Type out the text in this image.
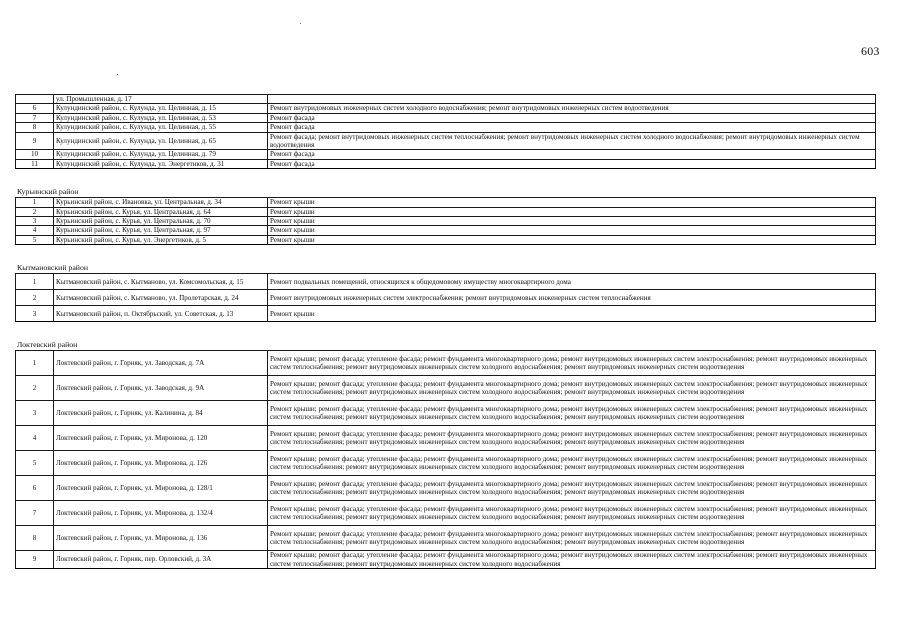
603
	ул. Промышленная, д. 17	
6	Кулундинский район, с. Кулунда, ул. Целинная, д. 15	Ремонт внутридомовых инженерных систем холодного водоснабжения; ремонт внутридомовых инженерных систем водоотведения
7	Кулундинский район, с. Кулунда, ул. Целинная, д. 53	Ремонт фасада
8	Кулундинский район, с. Кулунда, ул. Целинная, д. 55	Ремонт фасада
9	Кулундинский район, с. Кулунда, ул. Целинная, д. 65	Ремонт фасада; ремонт внутридомовых инженерных систем теплоснабжения; ремонт внутридомовых инженерных систем холодного водоснабжения; ремонт внутридомовых инженерных систем водоотведения
10	Кулундинский район, с. Кулунда, ул. Целинная, д. 79	Ремонт фасада
11	Кулундинский район, с. Кулунда, ул. Энергетиков, д. 31	Ремонт фасада
Курьинский район
1	Курьинский район, с. Ивановка, ул. Центральная, д. 34	Ремонт крыши
2	Курьинский район, с. Курья, ул. Центральная, д. 64	Ремонт крыши
3	Курьинский район, с. Курья, ул. Центральная, д. 70	Ремонт крыши
4	Курьинский район, с. Курья, ул. Центральная, д. 97	Ремонт крыши
5	Курьинский район, с. Курья, ул. Энергетиков, д. 5	Ремонт крыши
Кытмановский район
1	Кытмановский район, с. Кытманово, ул. Комсомольская, д. 15	Ремонт подвальных помещений, относящихся к общедомовому имуществу многоквартирного дома
2	Кытмановский район, с. Кытманово, ул. Пролетарская, д. 24	Ремонт внутридомовых инженерных систем электроснабжения; ремонт внутридомовых инженерных систем теплоснабжения
3	Кытмановский район, п. Октябрьский, ул. Советская, д. 13	Ремонт крыши
Локтевский район
1	Локтевский район, г. Горняк, ул. Заводская, д. 7А	Ремонт крыши; ремонт фасада; утепление фасада; ремонт фундамента многоквартирного дома; ремонт внутридомовых инженерных систем электроснабжения; ремонт внутридомовых инженерных систем теплоснабжения; ремонт внутридомовых инженерных систем холодного водоснабжения; ремонт внутридомовых инженерных систем водоотведения
2	Локтевский район, г. Горняк, ул. Заводская, д. 9А	Ремонт крыши; ремонт фасада; утепление фасада; ремонт фундамента многоквартирного дома; ремонт внутридомовых инженерных систем электроснабжения; ремонт внутридомовых инженерных систем теплоснабжения; ремонт внутридомовых инженерных систем холодного водоснабжения; ремонт внутридомовых инженерных систем водоотведения
3	Локтевский район, г. Горняк, ул. Калинина, д. 84	Ремонт крыши; ремонт фасада; утепление фасада; ремонт фундамента многоквартирного дома; ремонт внутридомовых инженерных систем электроснабжения; ремонт внутридомовых инженерных систем теплоснабжения; ремонт внутридомовых инженерных систем холодного водоснабжения; ремонт внутридомовых инженерных систем водоотведения
4	Локтевский район, г. Горняк, ул. Миронова, д. 120	Ремонт крыши; ремонт фасада; утепление фасада; ремонт фундамента многоквартирного дома; ремонт внутридомовых инженерных систем электроснабжения; ремонт внутридомовых инженерных систем теплоснабжения; ремонт внутридомовых инженерных систем холодного водоснабжения; ремонт внутридомовых инженерных систем водоотведения
5	Локтевский район, г. Горняк, ул. Миронова, д. 126	Ремонт крыши; ремонт фасада; утепление фасада; ремонт фундамента многоквартирного дома; ремонт внутридомовых инженерных систем электроснабжения; ремонт внутридомовых инженерных систем теплоснабжения; ремонт внутридомовых инженерных систем холодного водоснабжения; ремонт внутридомовых инженерных систем водоотведения
6	Локтевский район, г. Горняк, ул. Миронова, д. 128/1	Ремонт крыши; ремонт фасада; утепление фасада; ремонт фундамента многоквартирного дома; ремонт внутридомовых инженерных систем электроснабжения; ремонт внутридомовых инженерных систем теплоснабжения; ремонт внутридомовых инженерных систем холодного водоснабжения; ремонт внутридомовых инженерных систем водоотведения
7	Локтевский район, г. Горняк, ул. Миронова, д. 132/4	Ремонт крыши; ремонт фасада; утепление фасада; ремонт фундамента многоквартирного дома; ремонт внутридомовых инженерных систем электроснабжения; ремонт внутридомовых инженерных систем теплоснабжения; ремонт внутридомовых инженерных систем холодного водоснабжения; ремонт внутридомовых инженерных систем водоотведения
8	Локтевский район, г. Горняк, ул. Миронова, д. 136	Ремонт крыши; ремонт фасада; утепление фасада; ремонт фундамента многоквартирного дома; ремонт внутридомовых инженерных систем электроснабжения; ремонт внутридомовых инженерных систем теплоснабжения; ремонт внутридомовых инженерных систем холодного водоснабжения; ремонт внутридомовых инженерных систем водоотведения
9	Локтевский район, г. Горняк, пер. Орловский, д. 3А	Ремонт крыши; ремонт фасада; утепление фасада; ремонт фундамента многоквартирного дома; ремонт внутридомовых инженерных систем электроснабжения; ремонт внутридомовых инженерных систем теплоснабжения; ремонт внутридомовых инженерных систем холодного водоснабжения
